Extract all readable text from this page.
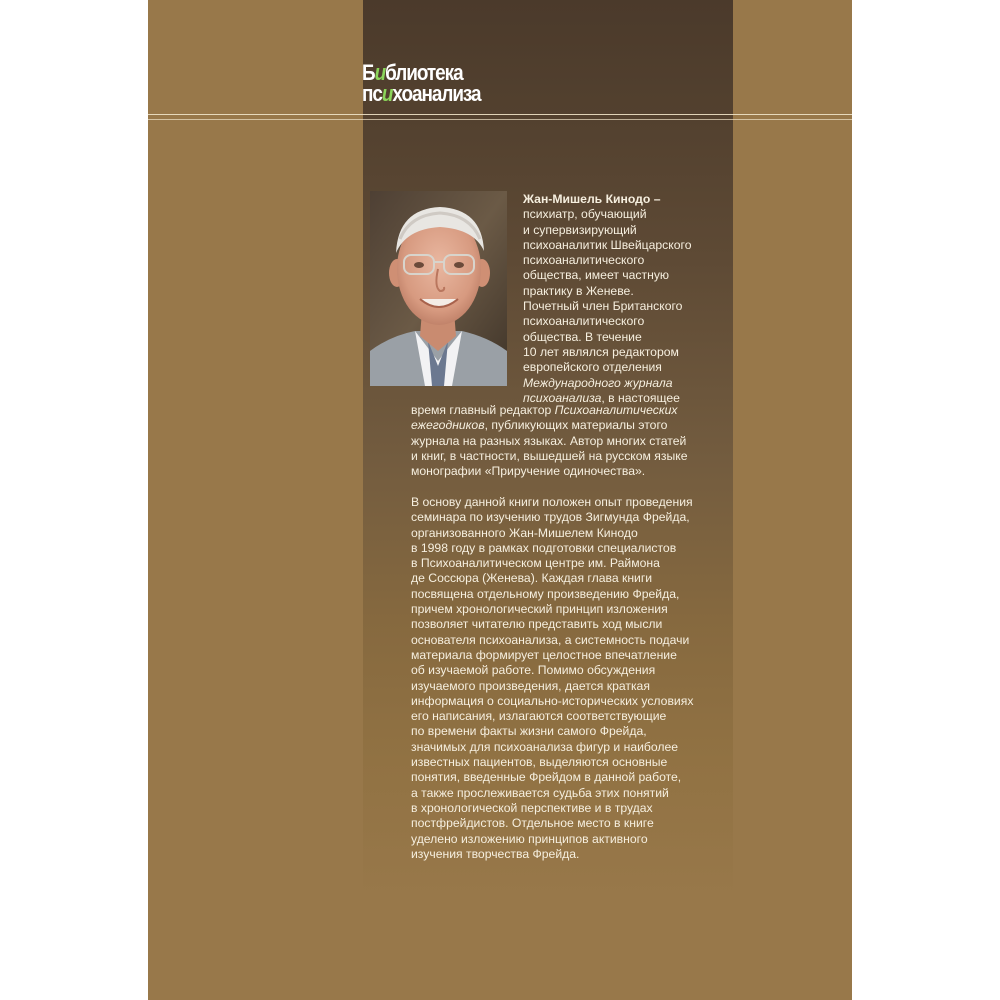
Библиотека
психоанализа
Жан-Мишель Кинодо –
психиатр, обучающий
и супервизирующий
психоаналитик Швейцарского
психоаналитического
общества, имеет частную
практику в Женеве.
Почетный член Британского
психоаналитического
общества. В течение
10 лет являлся редактором
европейского отделения
Международного журнала
психоанализа, в настоящее
время главный редактор Психоаналитических
ежегодников, публикующих материалы этого
журнала на разных языках. Автор многих статей
и книг, в частности, вышедшей на русском языке
монографии «Приручение одиночества».
В основу данной книги положен опыт проведения
семинара по изучению трудов Зигмунда Фрейда,
организованного Жан-Мишелем Кинодо
в 1998 году в рамках подготовки специалистов
в Психоаналитическом центре им. Раймона
де Соссюра (Женева). Каждая глава книги
посвящена отдельному произведению Фрейда,
причем хронологический принцип изложения
позволяет читателю представить ход мысли
основателя психоанализа, а системность подачи
материала формирует целостное впечатление
об изучаемой работе. Помимо обсуждения
изучаемого произведения, дается краткая
информация о социально-исторических условиях
его написания, излагаются соответствующие
по времени факты жизни самого Фрейда,
значимых для психоанализа фигур и наиболее
известных пациентов, выделяются основные
понятия, введенные Фрейдом в данной работе,
а также прослеживается судьба этих понятий
в хронологической перспективе и в трудах
постфрейдистов. Отдельное место в книге
уделено изложению принципов активного
изучения творчества Фрейда.
